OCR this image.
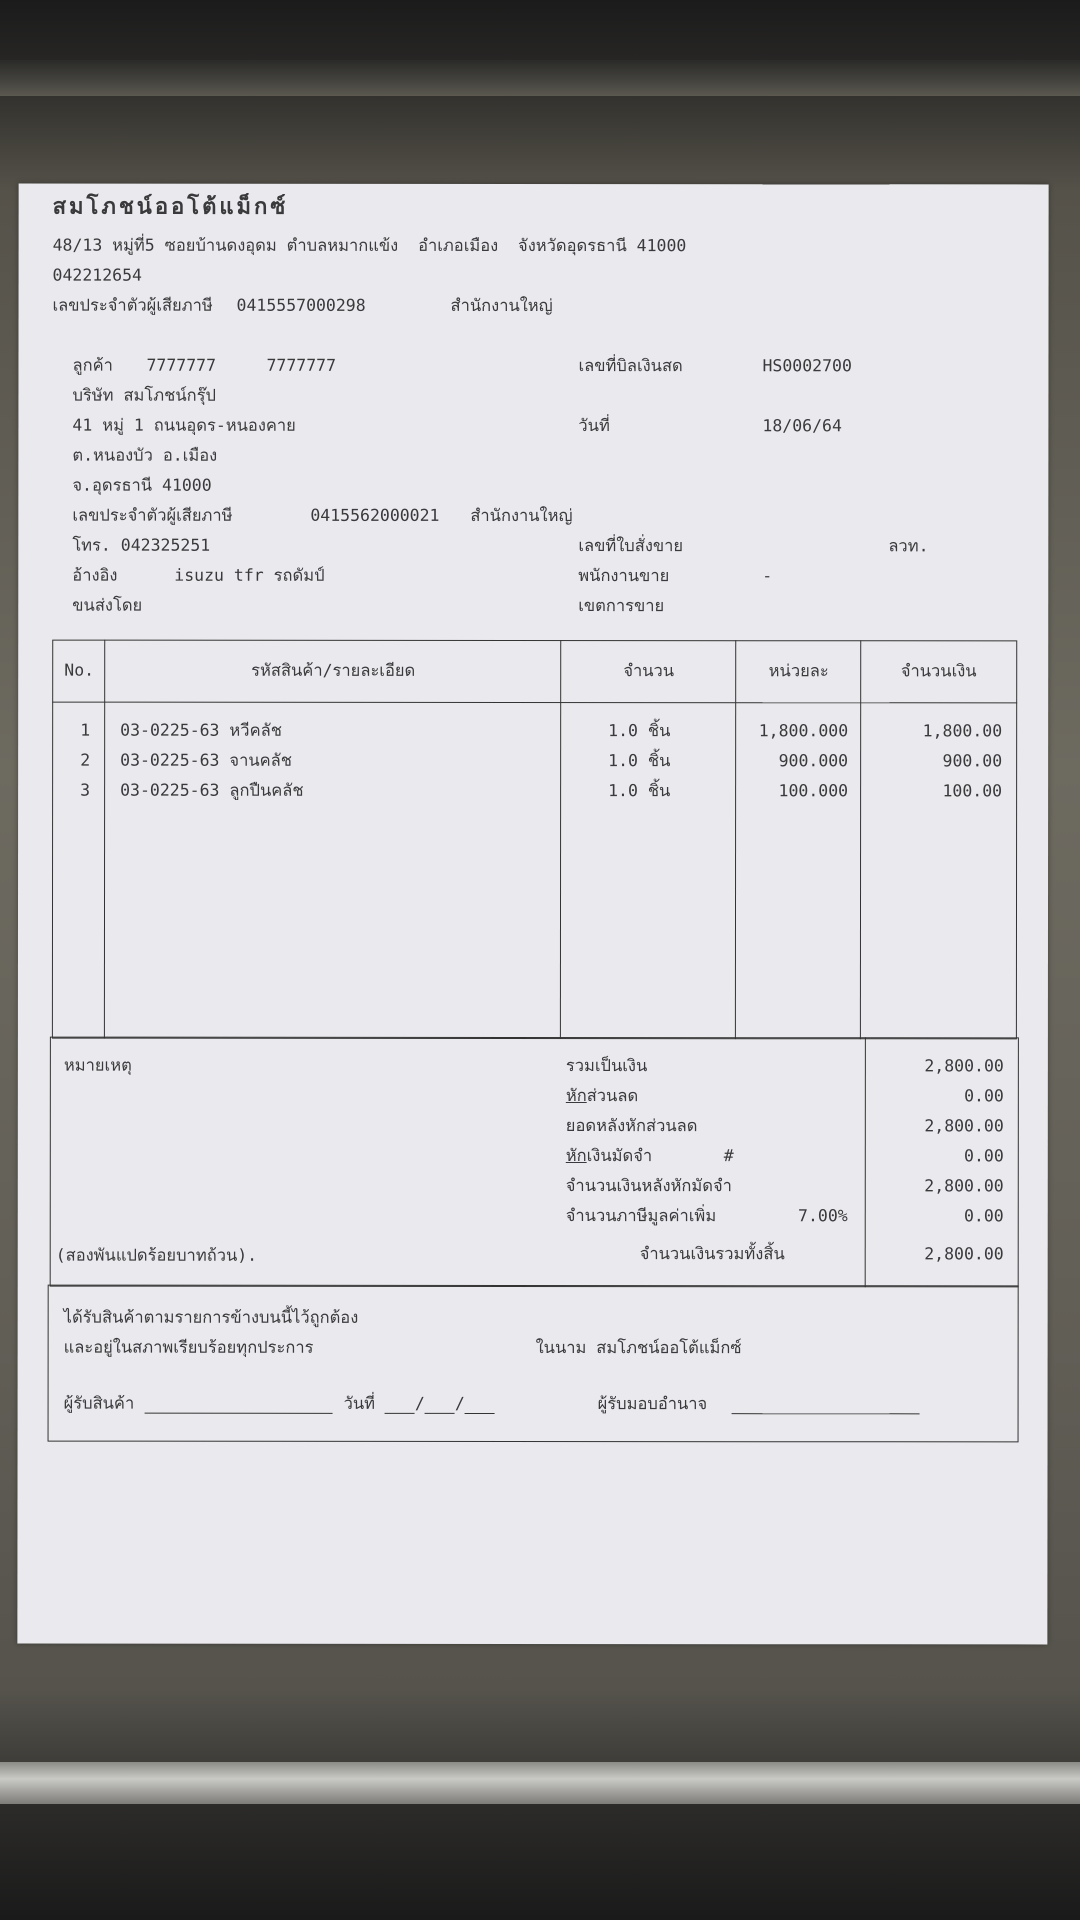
สมโภชน์ออโต้แม็กซ์
48/13 หมู่ที่5 ซอยบ้านดงอุดม ตำบลหมากแข้ง  อำเภอเมือง  จังหวัดอุดรธานี 41000
042212654
เลขประจำตัวผู้เสียภาษี 0415557000298	สำนักงานใหญ่
ลูกค้า 7777777	7777777
บริษัท สมโภชน์กรุ๊ป
41 หมู่ 1 ถนนอุดร-หนองคาย
ต.หนองบัว อ.เมือง
จ.อุดรธานี 41000
เลขประจำตัวผู้เสียภาษี	0415562000021 สำนักงานใหญ่
โทร. 042325251
อ้างอิง	isuzu tfr รถดัมป์
ขนส่งโดย
เลขที่บิลเงินสด	HS0002700
วันที่	18/06/64
เลขที่ใบสั่งขาย	ลวท.
พนักงานขาย	-
เขตการขาย
No.	รหัสสินค้า/รายละเอียด	จำนวน	หน่วยละ	จำนวนเงิน
1 03-0225-63 หวีคลัช	1.0 ชิ้น	1,800.000	1,800.00
2 03-0225-63 จานคลัช	1.0 ชิ้น	900.000	900.00
3 03-0225-63 ลูกปืนคลัช	1.0 ชิ้น	100.000	100.00
หมายเหตุ
(สองพันแปดร้อยบาทถ้วน).
รวมเป็นเงิน	2,800.00
หักส่วนลด	0.00
ยอดหลังหักส่วนลด	2,800.00
หักเงินมัดจำ	#	0.00
จำนวนเงินหลังหักมัดจำ	2,800.00
จำนวนภาษีมูลค่าเพิ่ม	7.00%	0.00
จำนวนเงินรวมทั้งสิ้น	2,800.00
ได้รับสินค้าตามรายการข้างบนนี้ไว้ถูกต้อง
และอยู่ในสภาพเรียบร้อยทุกประการ	ในนาม สมโภชน์ออโต้แม็กซ์
ผู้รับสินค้า	วันที่ / /	ผู้รับมอบอำนาจ
